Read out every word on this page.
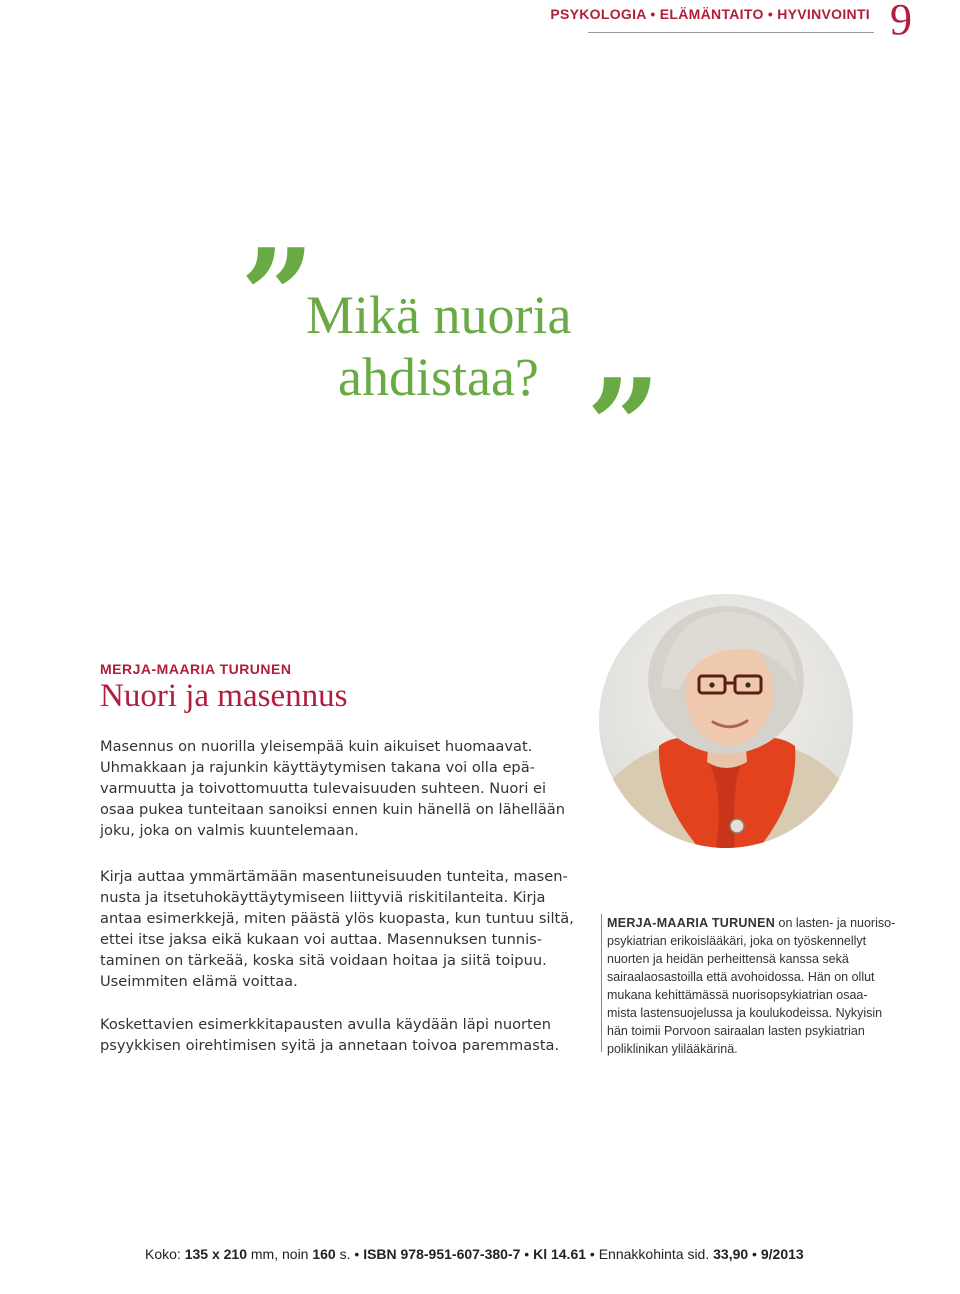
PSYKOLOGIA • ELÄMÄNTAITO • HYVINVOINTI 9
”
Mikä nuoria

ahdistaa? ”
MERJA-MAARIA TURUNEN
Nuori ja masennus
Masennus on nuorilla yleisempää kuin aikuiset huomaavat.
Uhmakkaan ja rajunkin käyttäytymisen takana voi olla epä-
varmuutta ja toivottomuutta tulevaisuuden suhteen. Nuori ei
osaa pukea tunteitaan sanoiksi ennen kuin hänellä on lähellään
joku, joka on valmis kuuntelemaan.
Kirja auttaa ymmärtämään masentuneisuuden tunteita, masen-
nusta ja itsetuhokäyttäytymiseen liittyviä riskitilanteita. Kirja
antaa esimerkkejä, miten päästä ylös kuopasta, kun tuntuu siltä,
ettei itse jaksa eikä kukaan voi auttaa. Masennuksen tunnis-
taminen on tärkeää, koska sitä voidaan hoitaa ja siitä toipuu.
Useimmiten elämä voittaa.
Koskettavien esimerkkitapausten avulla käydään läpi nuorten
psyykkisen oirehtimisen syitä ja annetaan toivoa paremmasta.
MERJA-MAARIA TURUNEN on lasten- ja nuoriso-
psykiatrian erikoislääkäri, joka on työskennellyt
nuorten ja heidän perheittensä kanssa sekä
sairaalaosastoilla että avohoidossa. Hän on ollut
mukana kehittämässä nuorisopsykiatrian osaa-
mista lastensuojelussa ja koulukodeissa. Nykyisin
hän toimii Porvoon sairaalan lasten psykiatrian
poliklinikan ylilääkärinä.
Koko: 135 x 210 mm, noin 160 s. • ISBN 978-951-607-380-7 • Kl 14.61 • Ennakkohinta sid. 33,90 • 9/2013
